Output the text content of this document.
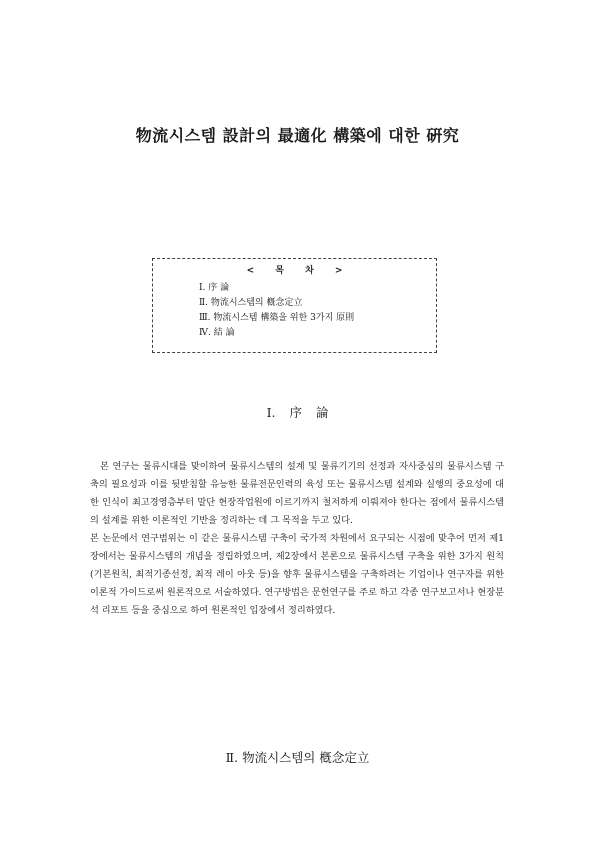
物流시스템 設計의 最適化 構築에 대한 硏究
< 목 차 >
Ⅰ. 序 論
Ⅱ. 物流시스템의 槪念定立
Ⅲ. 物流시스템 構築을 위한 3가지 原則
Ⅳ. 結 論
Ⅰ. 序 論

본 연구는 물류시대를 맞이하여 물류시스템의 설계 및 물류기기의 선정과 자사중심의 물류시스템 구축의 필요성과 이를 뒷받침할 유능한 물류전문인력의 육성 또는 물류시스템 설계와 실행의 중요성에 대한 인식이 최고경영층부터 말단 현장작업원에 이르기까지 철저하게 이뤄져야 한다는 점에서 물류시스템의 설계를 위한 이론적인 기반을 정리하는 데 그 목적을 두고 있다.

본 논문에서 연구범위는 이 같은 물류시스템 구축이 국가적 차원에서 요구되는 시점에 맞추어 먼저 제1장에서는 물류시스템의 개념을 정립하였으며, 제2장에서 본론으로 물류시스템 구축을 위한 3가지 원칙(기본원칙, 최적기종선정, 최적 레이 아웃 등)을 향후 물류시스템을 구축하려는 기업이나 연구자를 위한 이론적 가이드로써 원론적으로 서술하였다. 연구방법은 문헌연구를 주로 하고 각종 연구보고서나 현장분석 리포트 등을 중심으로 하여 원론적인 입장에서 정리하였다.

Ⅱ. 物流시스템의 槪念定立
